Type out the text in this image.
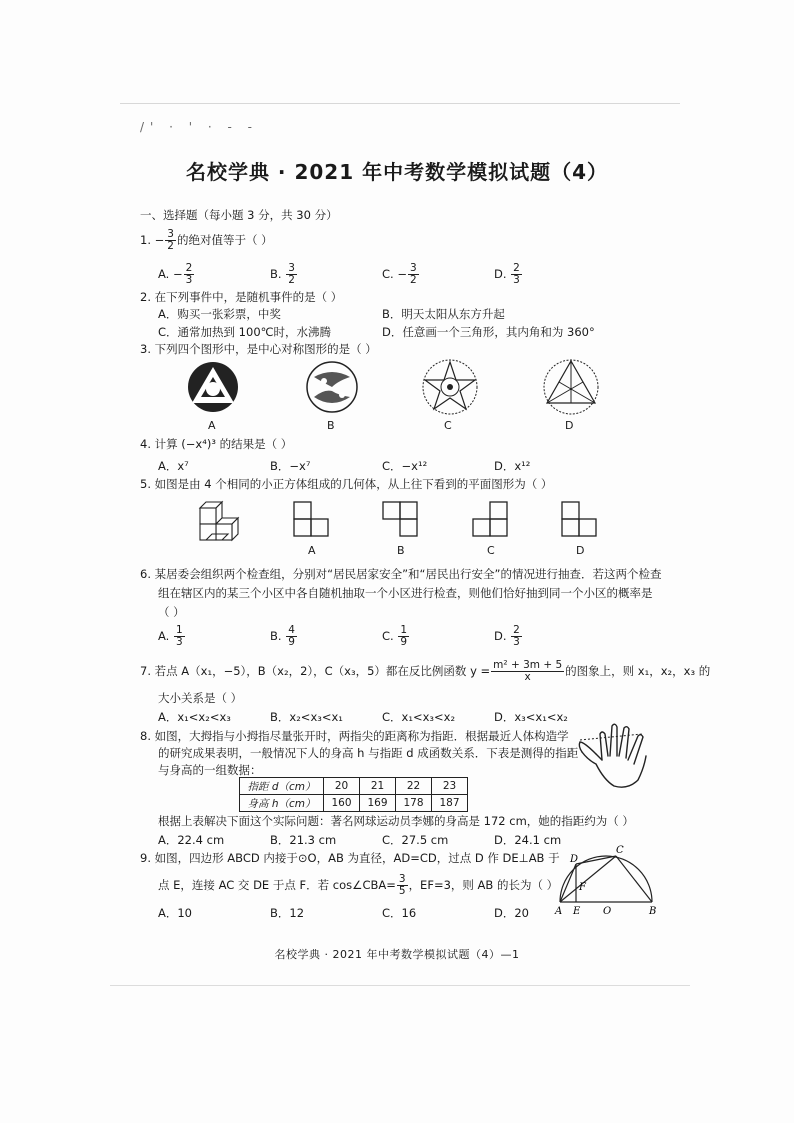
/' · ' · - -
名校学典 · 2021 年中考数学模拟试题（4）
一、选择题（每小题 3 分，共 30 分）
1. − $\frac{3}{2}$ 的绝对值等于（ ）
A. − $\frac{2}{3}$	B. $\frac{3}{2}$	C. − $\frac{3}{2}$	D. $\frac{2}{3}$
2. 在下列事件中，是随机事件的是（ ）
A．购买一张彩票，中奖	B．明天太阳从东方升起
C．通常加热到 100℃时，水沸腾	D．任意画一个三角形，其内角和为 360°
3. 下列四个图形中，是中心对称图形的是（ ）
A	B	C	D
4. 计算 (−x⁴)³ 的结果是（ ）
A．x⁷	B．−x⁷	C．−x¹²	D．x¹²
5. 如图是由 4 个相同的小正方体组成的几何体，从上往下看到的平面图形为（ ）
A	B	C	D
6. 某居委会组织两个检查组，分别对“居民居家安全”和“居民出行安全”的情况进行抽查．若这两个检查
组在辖区内的某三个小区中各自随机抽取一个小区进行检查，则他们恰好抽到同一个小区的概率是
（ ）
A. $\frac{1}{3}$	B. $\frac{4}{9}$	C. $\frac{1}{9}$	D. $\frac{2}{3}$
7. 若点 A（x₁，−5），B（x₂，2），C（x₃，5）都在反比例函数 $y = \frac{\text{m² + 3m + 5}}{x}$ 的图象上，则 x₁，x₂，x₃ 的
大小关系是（ ）
A．x₁<x₂<x₃	B．x₂<x₃<x₁	C．x₁<x₃<x₂	D．x₃<x₁<x₂
8. 如图，大拇指与小拇指尽量张开时，两指尖的距离称为指距．根据最近人体构造学
的研究成果表明，一般情况下人的身高 h 与指距 d 成函数关系．下表是测得的指距
与身高的一组数据：
指距 d（cm）	20	21	22	23
身高 h（cm）	160	169	178	187
根据上表解决下面这个实际问题：著名网球运动员李娜的身高是 172 cm，她的指距约为（ ）
A．22.4 cm	B．21.3 cm	C．27.5 cm	D．24.1 cm
9. 如图，四边形 ABCD 内接于⊙O，AB 为直径，AD=CD，过点 D 作 DE⊥AB 于
点 E，连接 AC 交 DE 于点 F．若 cos∠CBA= $\frac{3}{5}$ ，EF=3，则 AB 的长为（ ）
A．10	B．12	C．16	D．20
D
C
F
A E O	B
名校学典 · 2021 年中考数学模拟试题（4）—1
